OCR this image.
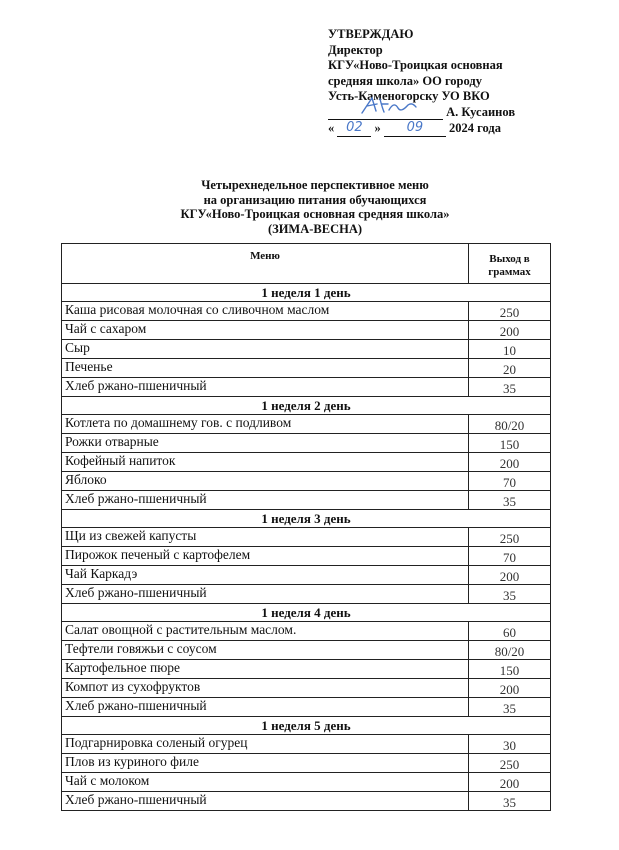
УТВЕРЖДАЮ
Директор
КГУ«Ново-Троицкая основная
средняя школа» ОО городу
Усть-Каменогорску УО ВКО
А. Кусаинов
« 02 » 09 2024 года
Четырехнедельное перспективное меню
на организацию питания обучающихся
КГУ«Ново-Троицкая основная средняя школа»
(ЗИМА-ВЕСНА)
Меню	Выход в
граммах
1 неделя 1 день
Каша рисовая молочная со сливочном маслом	250
Чай с сахаром	200
Сыр	10
Печенье	20
Хлеб ржано-пшеничный	35
1 неделя 2 день
Котлета по домашнему гов. с подливом	80/20
Рожки отварные	150
Кофейный напиток	200
Яблоко	70
Хлеб ржано-пшеничный	35
1 неделя 3 день
Щи из свежей капусты	250
Пирожок печеный с картофелем	70
Чай Каркадэ	200
Хлеб ржано-пшеничный	35
1 неделя 4 день
Салат овощной с растительным маслом.	60
Тефтели говяжьи с соусом	80/20
Картофельное пюре	150
Компот из сухофруктов	200
Хлеб ржано-пшеничный	35
1 неделя 5 день
Подгарнировка соленый огурец	30
Плов из куриного филе	250
Чай с молоком	200
Хлеб ржано-пшеничный	35
